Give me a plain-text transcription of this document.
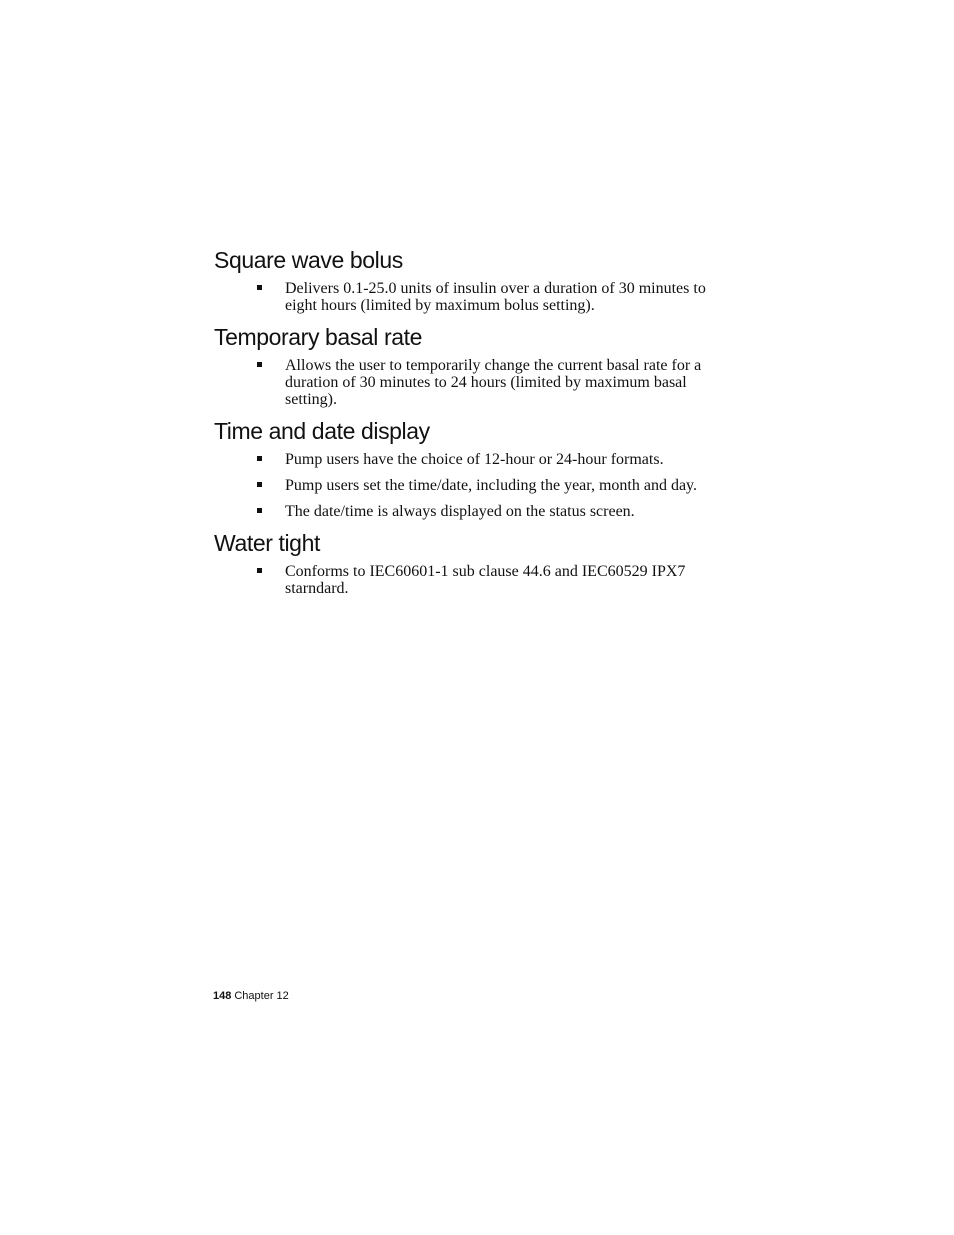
Square wave bolus
Delivers 0.1-25.0 units of insulin over a duration of 30 minutes to eight hours (limited by maximum bolus setting).
Temporary basal rate
Allows the user to temporarily change the current basal rate for a duration of 30 minutes to 24 hours (limited by maximum basal setting).
Time and date display
Pump users have the choice of 12-hour or 24-hour formats.
Pump users set the time/date, including the year, month and day.
The date/time is always displayed on the status screen.
Water tight
Conforms to IEC60601-1 sub clause 44.6 and IEC60529 IPX7 starndard.
148 Chapter 12
